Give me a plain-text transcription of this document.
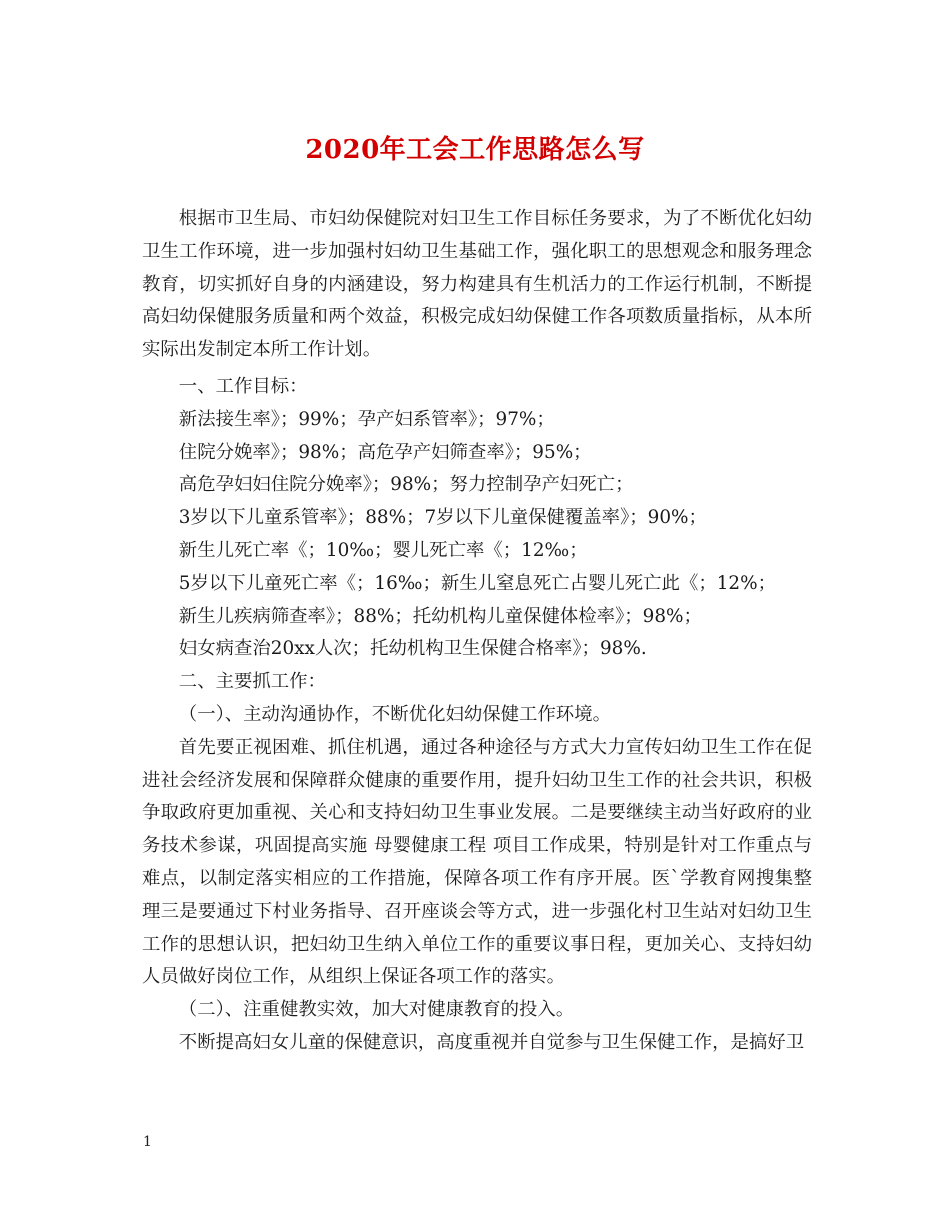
2020年工会工作思路怎么写

根据市卫生局、市妇幼保健院对妇卫生工作目标任务要求，为了不断优化妇幼卫生工作环境，进一步加强村妇幼卫生基础工作，强化职工的思想观念和服务理念教育，切实抓好自身的内涵建设，努力构建具有生机活力的工作运行机制，不断提高妇幼保健服务质量和两个效益，积极完成妇幼保健工作各项数质量指标，从本所实际出发制定本所工作计划。

一、工作目标：

新法接生率》；99%；孕产妇系管率》；97%；

住院分娩率》；98%；高危孕产妇筛查率》；95%；

高危孕妇妇住院分娩率》；98%；努力控制孕产妇死亡；

3岁以下儿童系管率》；88%；7岁以下儿童保健覆盖率》；90%；

新生儿死亡率《；10‰；婴儿死亡率《；12‰；

5岁以下儿童死亡率《；16‰；新生儿窒息死亡占婴儿死亡此《；12%；

新生儿疾病筛查率》；88%；托幼机构儿童保健体检率》；98%；

妇女病查治20xx人次；托幼机构卫生保健合格率》；98%.

二、主要抓工作：

（一）、主动沟通协作，不断优化妇幼保健工作环境。

首先要正视困难、抓住机遇，通过各种途径与方式大力宣传妇幼卫生工作在促进社会经济发展和保障群众健康的重要作用，提升妇幼卫生工作的社会共识，积极争取政府更加重视、关心和支持妇幼卫生事业发展。二是要继续主动当好政府的业务技术参谋，巩固提高实施 母婴健康工程 项目工作成果，特别是针对工作重点与难点，以制定落实相应的工作措施，保障各项工作有序开展。医`学教育网搜集整理三是要通过下村业务指导、召开座谈会等方式，进一步强化村卫生站对妇幼卫生工作的思想认识，把妇幼卫生纳入单位工作的重要议事日程，更加关心、支持妇幼人员做好岗位工作，从组织上保证各项工作的落实。

（二）、注重健教实效，加大对健康教育的投入。

不断提高妇女儿童的保健意识，高度重视并自觉参与卫生保健工作，是搞好卫

1
